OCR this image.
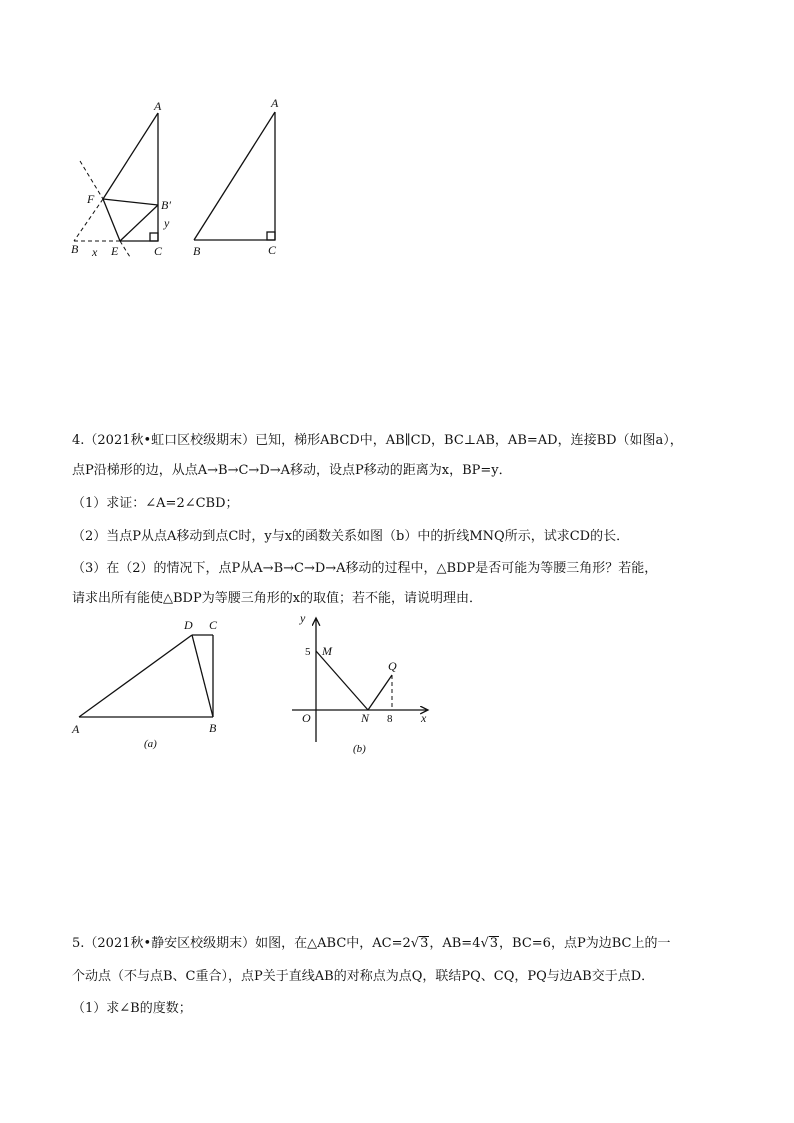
A
F	B′
y
B x E	C
A
B	C
4.（2021秋•虹口区校级期末）已知，梯形ABCD中，AB∥CD，BC⊥AB，AB=AD，连接BD（如图a），
点P沿梯形的边，从点A→B→C→D→A移动，设点P移动的距离为x，BP=y．
（1）求证：∠A=2∠CBD；
（2）当点P从点A移动到点C时，y与x的函数关系如图（b）中的折线MNQ所示，试求CD的长．
（3）在（2）的情况下，点P从A→B→C→D→A移动的过程中，△BDP是否可能为等腰三角形？若能，
请求出所有能使△BDP为等腰三角形的x的取值；若不能，请说明理由．
A	B
D C
(a)
y
5 M
Q
O	N 8 x
(b)
5.（2021秋•静安区校级期末）如图，在△ABC中，AC=2√3，AB=4√3，BC=6，点P为边BC上的一
个动点（不与点B、C重合），点P关于直线AB的对称点为点Q，联结PQ、CQ，PQ与边AB交于点D．
（1）求∠B的度数；
